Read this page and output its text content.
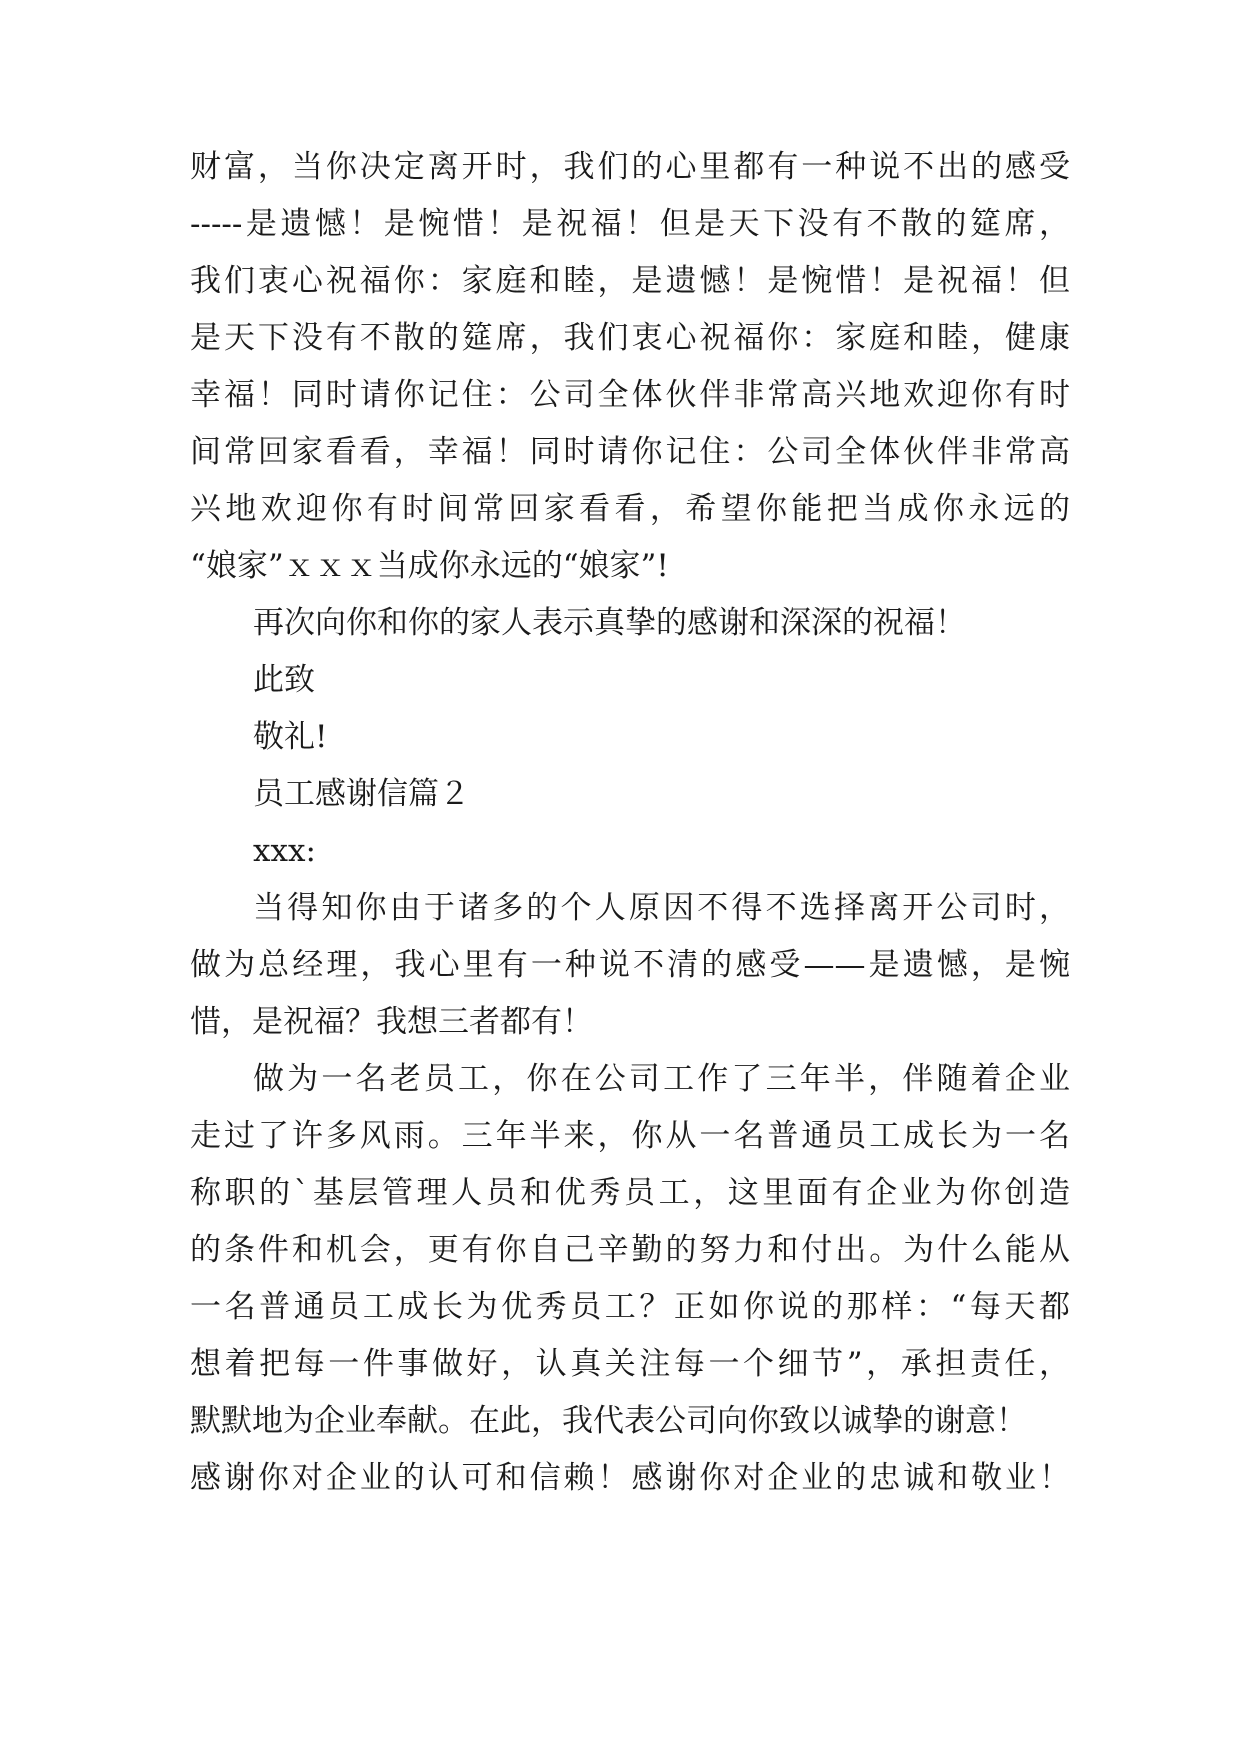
财富，当你决定离开时，我们的心里都有一种说不出的感受
-----是遗憾！是惋惜！是祝福！但是天下没有不散的筵席，
我们衷心祝福你：家庭和睦，是遗憾！是惋惜！是祝福！但
是天下没有不散的筵席，我们衷心祝福你：家庭和睦，健康
幸福！同时请你记住：公司全体伙伴非常高兴地欢迎你有时
间常回家看看，幸福！同时请你记住：公司全体伙伴非常高
兴地欢迎你有时间常回家看看，希望你能把当成你永远的
“娘家”ｘｘｘ当成你永远的“娘家”!
再次向你和你的家人表示真挚的感谢和深深的祝福！
此致
敬礼!
员工感谢信篇２
xxx:
当得知你由于诸多的个人原因不得不选择离开公司时，
做为总经理，我心里有一种说不清的感受——是遗憾，是惋
惜，是祝福？我想三者都有！
做为一名老员工，你在公司工作了三年半，伴随着企业
走过了许多风雨。三年半来，你从一名普通员工成长为一名
称职的`基层管理人员和优秀员工，这里面有企业为你创造
的条件和机会，更有你自己辛勤的努力和付出。为什么能从
一名普通员工成长为优秀员工？正如你说的那样：“每天都
想着把每一件事做好，认真关注每一个细节”，承担责任，
默默地为企业奉献。在此，我代表公司向你致以诚挚的谢意！
感谢你对企业的认可和信赖！感谢你对企业的忠诚和敬业！
